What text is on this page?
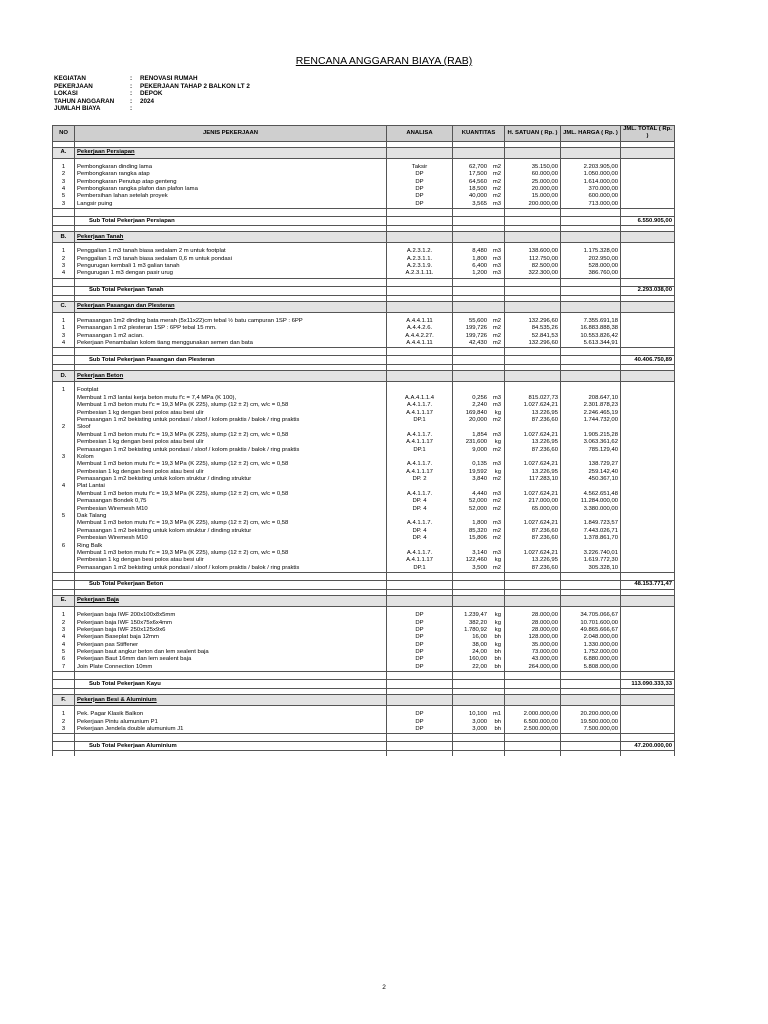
RENCANA ANGGARAN BIAYA (RAB)
KEGIATAN	:	RENOVASI RUMAH
PEKERJAAN	:	PEKERJAAN TAHAP 2 BALKON LT 2
LOKASI	:	DEPOK
TAHUN ANGGARAN	:	2024
JUMLAH BIAYA	:
NO	JENIS PEKERJAAN	ANALISA	KUANTITAS	H. SATUAN ( Rp. )	JML. HARGA ( Rp. )	JML. TOTAL ( Rp. )

A.	Pekerjaan Persiapan					

1	Pembongkaran dinding lama	Taksir	62,700 m2	35.150,00	2.203.905,00	
2	Pembongkaran rangka atap	DP	17,500 m2	60.000,00	1.050.000,00	
3	Pembongkaran Penutup atap genteng	DP	64,560 m2	25.000,00	1.614.000,00	
4	Pembongkaran rangka plafon dan plafon lama	DP	18,500 m2	20.000,00	370.000,00	
5	Pembersihan lahan setelah proyek	DP	40,000 m2	15.000,00	600.000,00	
3	Langsir puing	DP	3,565 m3	200.000,00	713.000,00	

	Sub Total Pekerjaan Persiapan					6.550.905,00

B.	Pekerjaan Tanah					

1	Penggalian 1 m3 tanah biasa sedalam 2 m untuk footplat	A.2.3.1.2.	8,480 m3	138.600,00	1.175.328,00	
2	Penggalian 1 m3 tanah biasa sedalam 0,6 m untuk pondasi	A.2.3.1.1.	1,800 m3	112.750,00	202.950,00	
3	Pengurugan kembali 1 m3 galian tanah	A.2.3.1.9.	6,400 m3	82.500,00	528.000,00	
4	Pengurugan 1 m3 dengan pasir urug	A.2.3.1.11.	1,200 m3	322.300,00	386.760,00	

	Sub Total Pekerjaan Tanah					2.293.038,00

C.	Pekerjaan Pasangan dan Plesteran					

1	Pemasangan 1m2 dinding bata merah (5x11x22)cm tebal ½ batu campuran 1SP : 6PP	A.4.4.1.11	55,600 m2	132.296,60	7.355.691,18	
1	Pemasangan 1 m2 plesteran 1SP : 6PP tebal 15 mm.	A.4.4.2.6.	199,726 m2	84.535,26	16.883.888,38	
3	Pemasangan 1 m2 acian.	A.4.4.2.27.	199,726 m2	52.841,53	10.553.826,42	
4	Pekerjaan Penambalan kolom tiang menggunakan semen dan bata	A.4.4.1.11	42,430 m2	132.296,60	5.613.344,91	

	Sub Total Pekerjaan Pasangan dan Plesteran					40.406.750,89

D.	Pekerjaan Beton					

1	Footplat					
	Membuat 1 m3 lantai kerja beton mutu f'c = 7,4 MPa (K 100),	A.A.4.1.1.4	0,256 m3	815.027,73	208.647,10	
	Membuat 1 m3 beton mutu f'c = 19,3 MPa (K 225), slump (12 ± 2) cm, w/c = 0,58	A.4.1.1.7.	2,240 m3	1.027.624,21	2.301.878,23	
	Pembesian 1 kg dengan besi polos atau besi ulir	A.4.1.1.17	169,840 kg	13.226,95	2.246.465,19	
	Pemasangan 1 m2 bekisting untuk pondasi / sloof / kolom praktis / balok / ring praktis	DP.1	20,000 m2	87.236,60	1.744.732,00	
2	Sloof					
	Membuat 1 m3 beton mutu f'c = 19,3 MPa (K 225), slump (12 ± 2) cm, w/c = 0,58	A.4.1.1.7.	1,854 m3	1.027.624,21	1.905.215,28	
	Pembesian 1 kg dengan besi polos atau besi ulir	A.4.1.1.17	231,600 kg	13.226,95	3.063.361,62	
	Pemasangan 1 m2 bekisting untuk pondasi / sloof / kolom praktis / balok / ring praktis	DP.1	9,000 m2	87.236,60	785.129,40	
3	Kolom					
	Membuat 1 m3 beton mutu f'c = 19,3 MPa (K 225), slump (12 ± 2) cm, w/c = 0,58	A.4.1.1.7.	0,135 m3	1.027.624,21	138.729,27	
	Pembesian 1 kg dengan besi polos atau besi ulir	A.4.1.1.17	19,592 kg	13.226,95	259.142,40	
	Pemasangan 1 m2 bekisting untuk kolom struktur / dinding struktur	DP. 2	3,840 m2	117.283,10	450.367,10	
4	Plat Lantai					
	Membuat 1 m3 beton mutu f'c = 19,3 MPa (K 225), slump (12 ± 2) cm, w/c = 0,58	A.4.1.1.7.	4,440 m3	1.027.624,21	4.562.651,48	
	Pemasangan Bondek 0,75	DP. 4	52,000 m2	217.000,00	11.284.000,00	
	Pembesian Wiremesh M10	DP. 4	52,000 m2	65.000,00	3.380.000,00	
5	Dak Talang					
	Membuat 1 m3 beton mutu f'c = 19,3 MPa (K 225), slump (12 ± 2) cm, w/c = 0,58	A.4.1.1.7.	1,800 m3	1.027.624,21	1.849.723,57	
	Pemasangan 1 m2 bekisting untuk kolom struktur / dinding struktur	DP. 4	85,320 m2	87.236,60	7.443.026,71	
	Pembesian Wiremesh M10	DP. 4	15,806 m2	87.236,60	1.378.861,70	
6	Ring Balk					
	Membuat 1 m3 beton mutu f'c = 19,3 MPa (K 225), slump (12 ± 2) cm, w/c = 0,58	A.4.1.1.7.	3,140 m3	1.027.624,21	3.226.740,01	
	Pembesian 1 kg dengan besi polos atau besi ulir	A.4.1.1.17	122,460 kg	13.226,95	1.619.772,30	
	Pemasangan 1 m2 bekisting untuk pondasi / sloof / kolom praktis / balok / ring praktis	DP.1	3,500 m2	87.236,60	305.328,10	

	Sub Total Pekerjaan Beton					48.153.771,47

E.	Pekerjaan Baja					

1	Pekerjaan baja IWF 200x100x8x5mm	DP	1.239,47 kg	28.000,00	34.705.066,67	
2	Pekerjaan baja IWF 150x75x6x4mm	DP	382,20 kg	28.000,00	10.701.600,00	
3	Pekerjaan baja IWF 250x125x9x6	DP	1.780,92 kg	28.000,00	49.865.666,67	
4	Pekerjaan Baseplat baja 12mm	DP	16,00 bh	128.000,00	2.048.000,00	
4	Pekerjaan pas Stiffener	DP	38,00 kg	35.000,00	1.330.000,00	
5	Pekerjaan baut angkur beton dan lem sealent baja	DP	24,00 bh	73.000,00	1.752.000,00	
6	Pekerjaan Baut 16mm dan lem sealent baja	DP	160,00 bh	43.000,00	6.880.000,00	
7	Join Plate Connection 10mm	DP	22,00 bh	264.000,00	5.808.000,00	

	Sub Total Pekerjaan Kayu					113.090.333,33

F.	Pekerjaan Besi & Aluminium					

1	Pek. Pagar Klasik Balkon	DP	10,100 m1	2.000.000,00	20.200.000,00	
2	Pekerjaan Pintu alumunium P1	DP	3,000 bh	6.500.000,00	19.500.000,00	
3	Pekerjaan Jendela double alumunium J1	DP	3,000 bh	2.500.000,00	7.500.000,00	

	Sub Total Pekerjaan Aluminium					47.200.000,00

2
